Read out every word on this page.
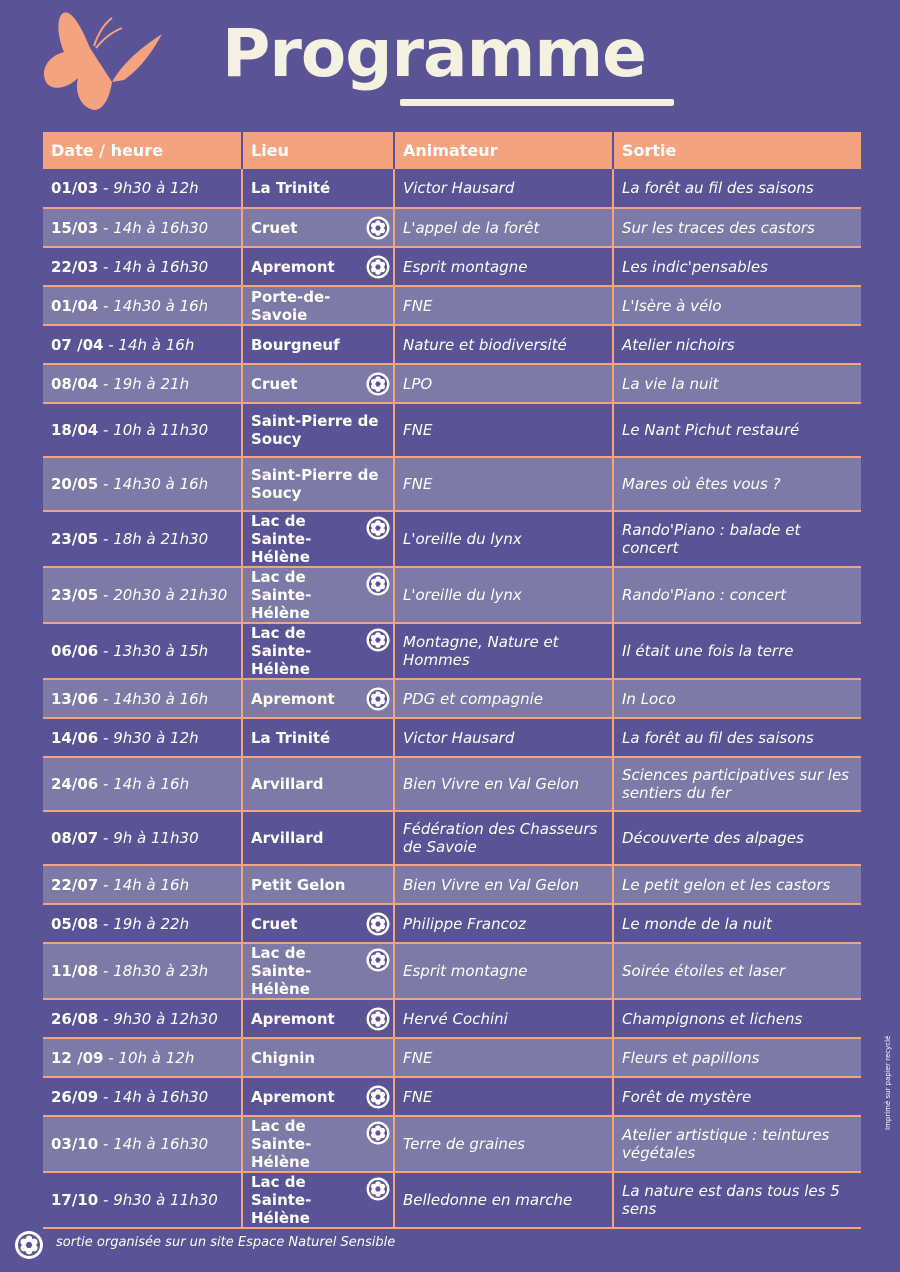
Programme
Date / heure	Lieu	Animateur	Sortie
01/03 - 9h30 à 12h	La Trinité	Victor Hausard	La forêt au fil des saisons
15/03 - 14h à 16h30	Cruet	L'appel de la forêt	Sur les traces des castors
22/03 - 14h à 16h30	Apremont	Esprit montagne	Les indic'pensables
01/04 - 14h30 à 16h	Porte-de-Savoie	FNE	L'Isère à vélo
07 /04 - 14h à 16h	Bourgneuf	Nature et biodiversité	Atelier nichoirs
08/04 - 19h à 21h	Cruet	LPO	La vie la nuit
18/04 - 10h à 11h30	Saint-Pierre de Soucy	FNE	Le Nant Pichut restauré
20/05 - 14h30 à 16h	Saint-Pierre de Soucy	FNE	Mares où êtes vous ?
23/05 - 18h à 21h30	Lac de Sainte-Hélène	L'oreille du lynx	Rando'Piano : balade et concert
23/05 - 20h30 à 21h30	Lac de Sainte-Hélène	L'oreille du lynx	Rando'Piano : concert
06/06 - 13h30 à 15h	Lac de Sainte-Hélène	Montagne, Nature et Hommes	Il était une fois la terre
13/06 - 14h30 à 16h	Apremont	PDG et compagnie	In Loco
14/06 - 9h30 à 12h	La Trinité	Victor Hausard	La forêt au fil des saisons
24/06 - 14h à 16h	Arvillard	Bien Vivre en Val Gelon	Sciences participatives sur les sentiers du fer
08/07 - 9h à 11h30	Arvillard	Fédération des Chasseurs de Savoie	Découverte des alpages
22/07 - 14h à 16h	Petit Gelon	Bien Vivre en Val Gelon	Le petit gelon et les castors
05/08 - 19h à 22h	Cruet	Philippe Francoz	Le monde de la nuit
11/08 - 18h30 à 23h	Lac de Sainte-Hélène	Esprit montagne	Soirée étoiles et laser
26/08 - 9h30 à 12h30	Apremont	Hervé Cochini	Champignons et lichens
12 /09 - 10h à 12h	Chignin	FNE	Fleurs et papillons
26/09 - 14h à 16h30	Apremont	FNE	Forêt de mystère
03/10 - 14h à 16h30	Lac de Sainte-Hélène	Terre de graines	Atelier artistique : teintures végétales
17/10 - 9h30 à 11h30	Lac de Sainte-Hélène	Belledonne en marche	La nature est dans tous les 5 sens
sortie organisée sur un site Espace Naturel Sensible
Imprimé sur papier recyclé
